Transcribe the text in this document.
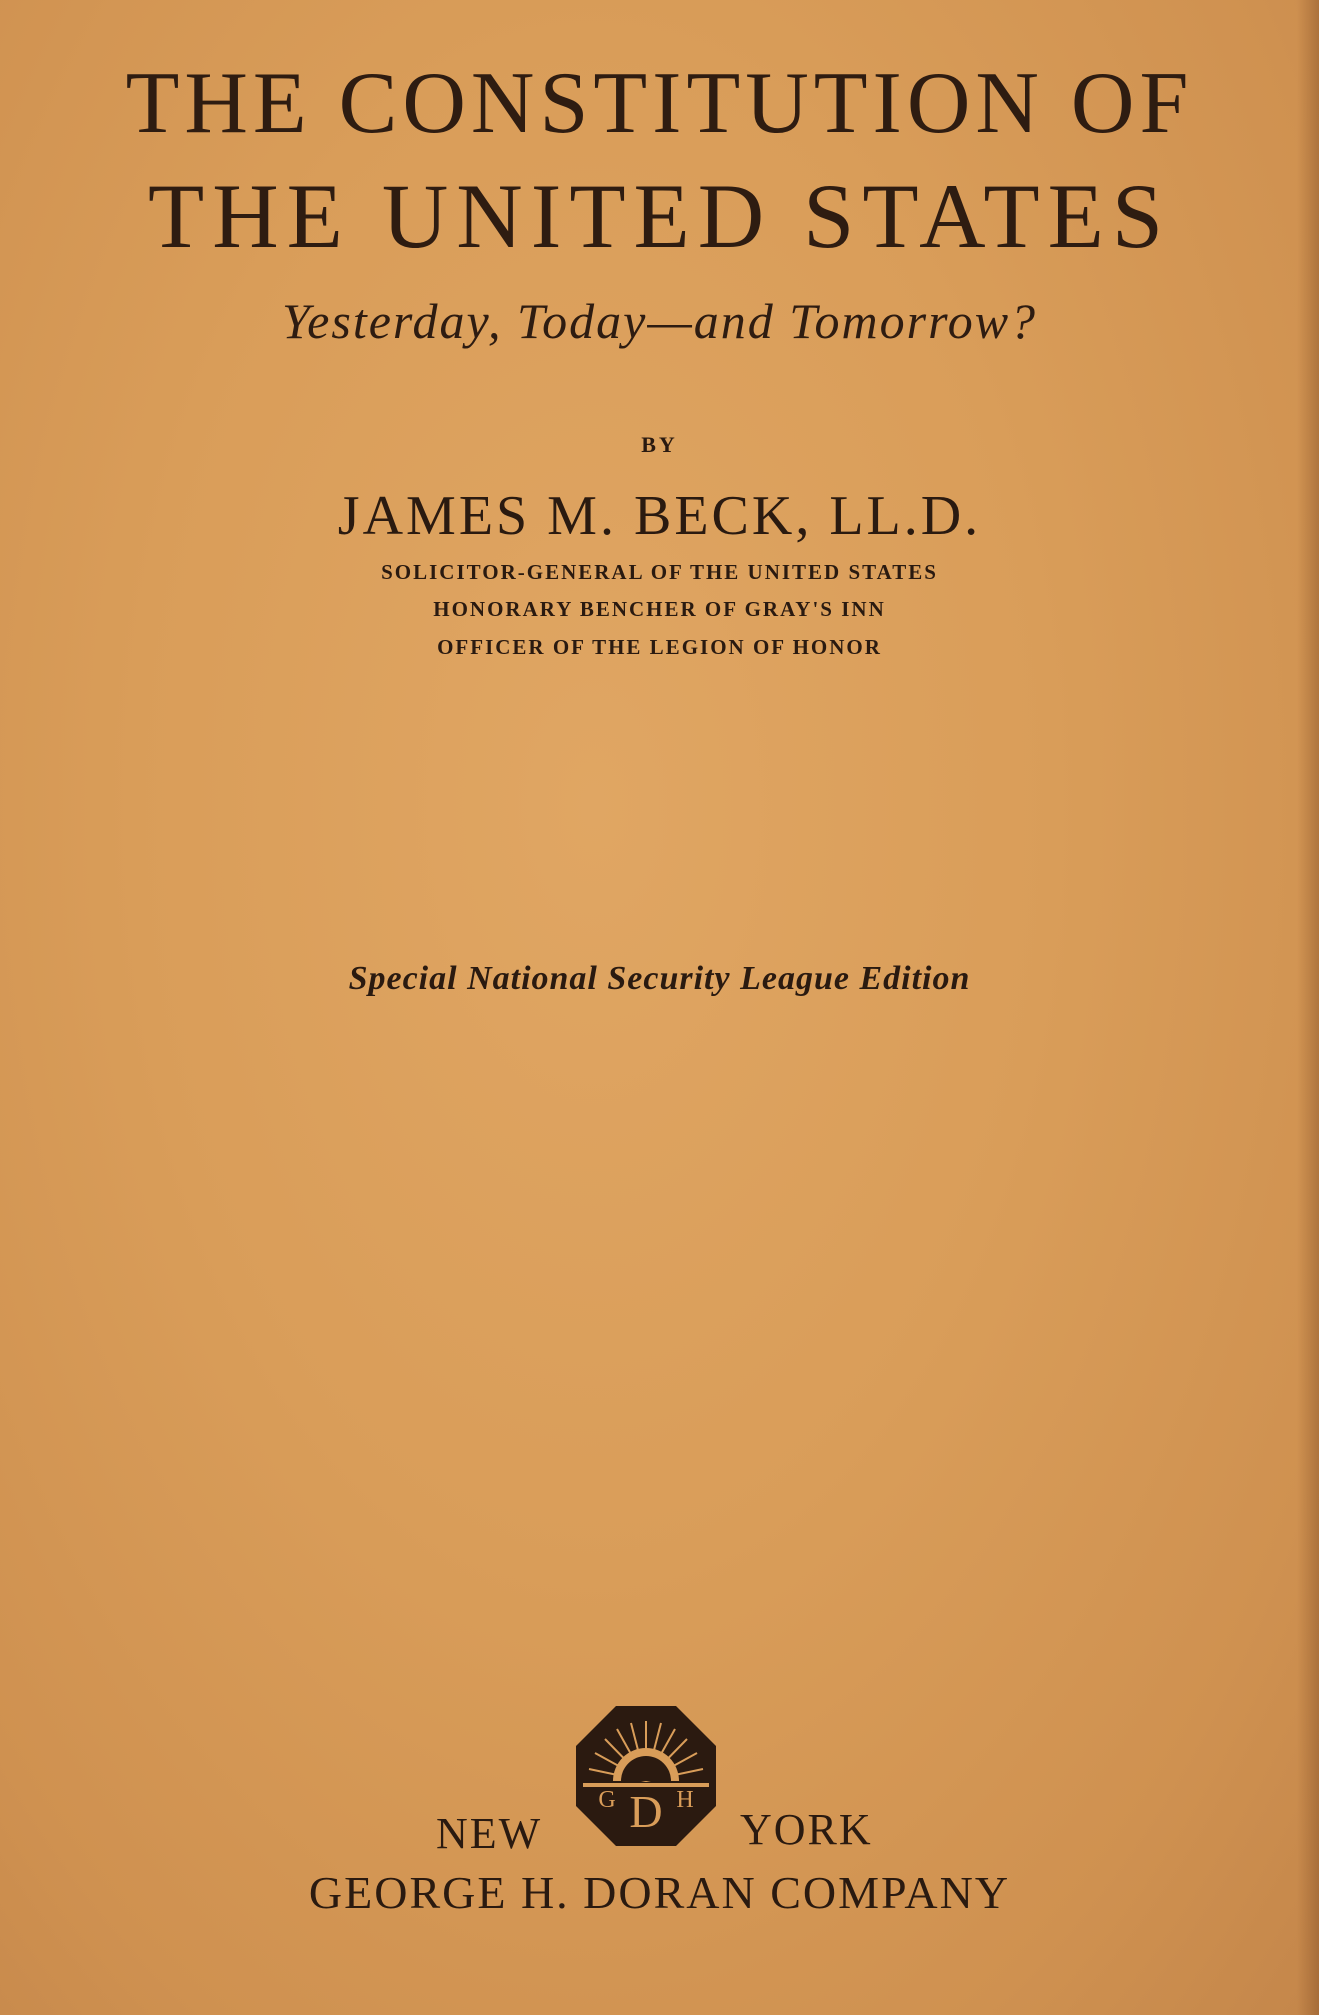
THE CONSTITUTION OF
THE UNITED STATES
Yesterday, Today—and Tomorrow?
BY
JAMES M. BECK, LL.D.
SOLICITOR-GENERAL OF THE UNITED STATES
HONORARY BENCHER OF GRAY'S INN
OFFICER OF THE LEGION OF HONOR
Special National Security League Edition
G D H
NEW	YORK
GEORGE H. DORAN COMPANY
